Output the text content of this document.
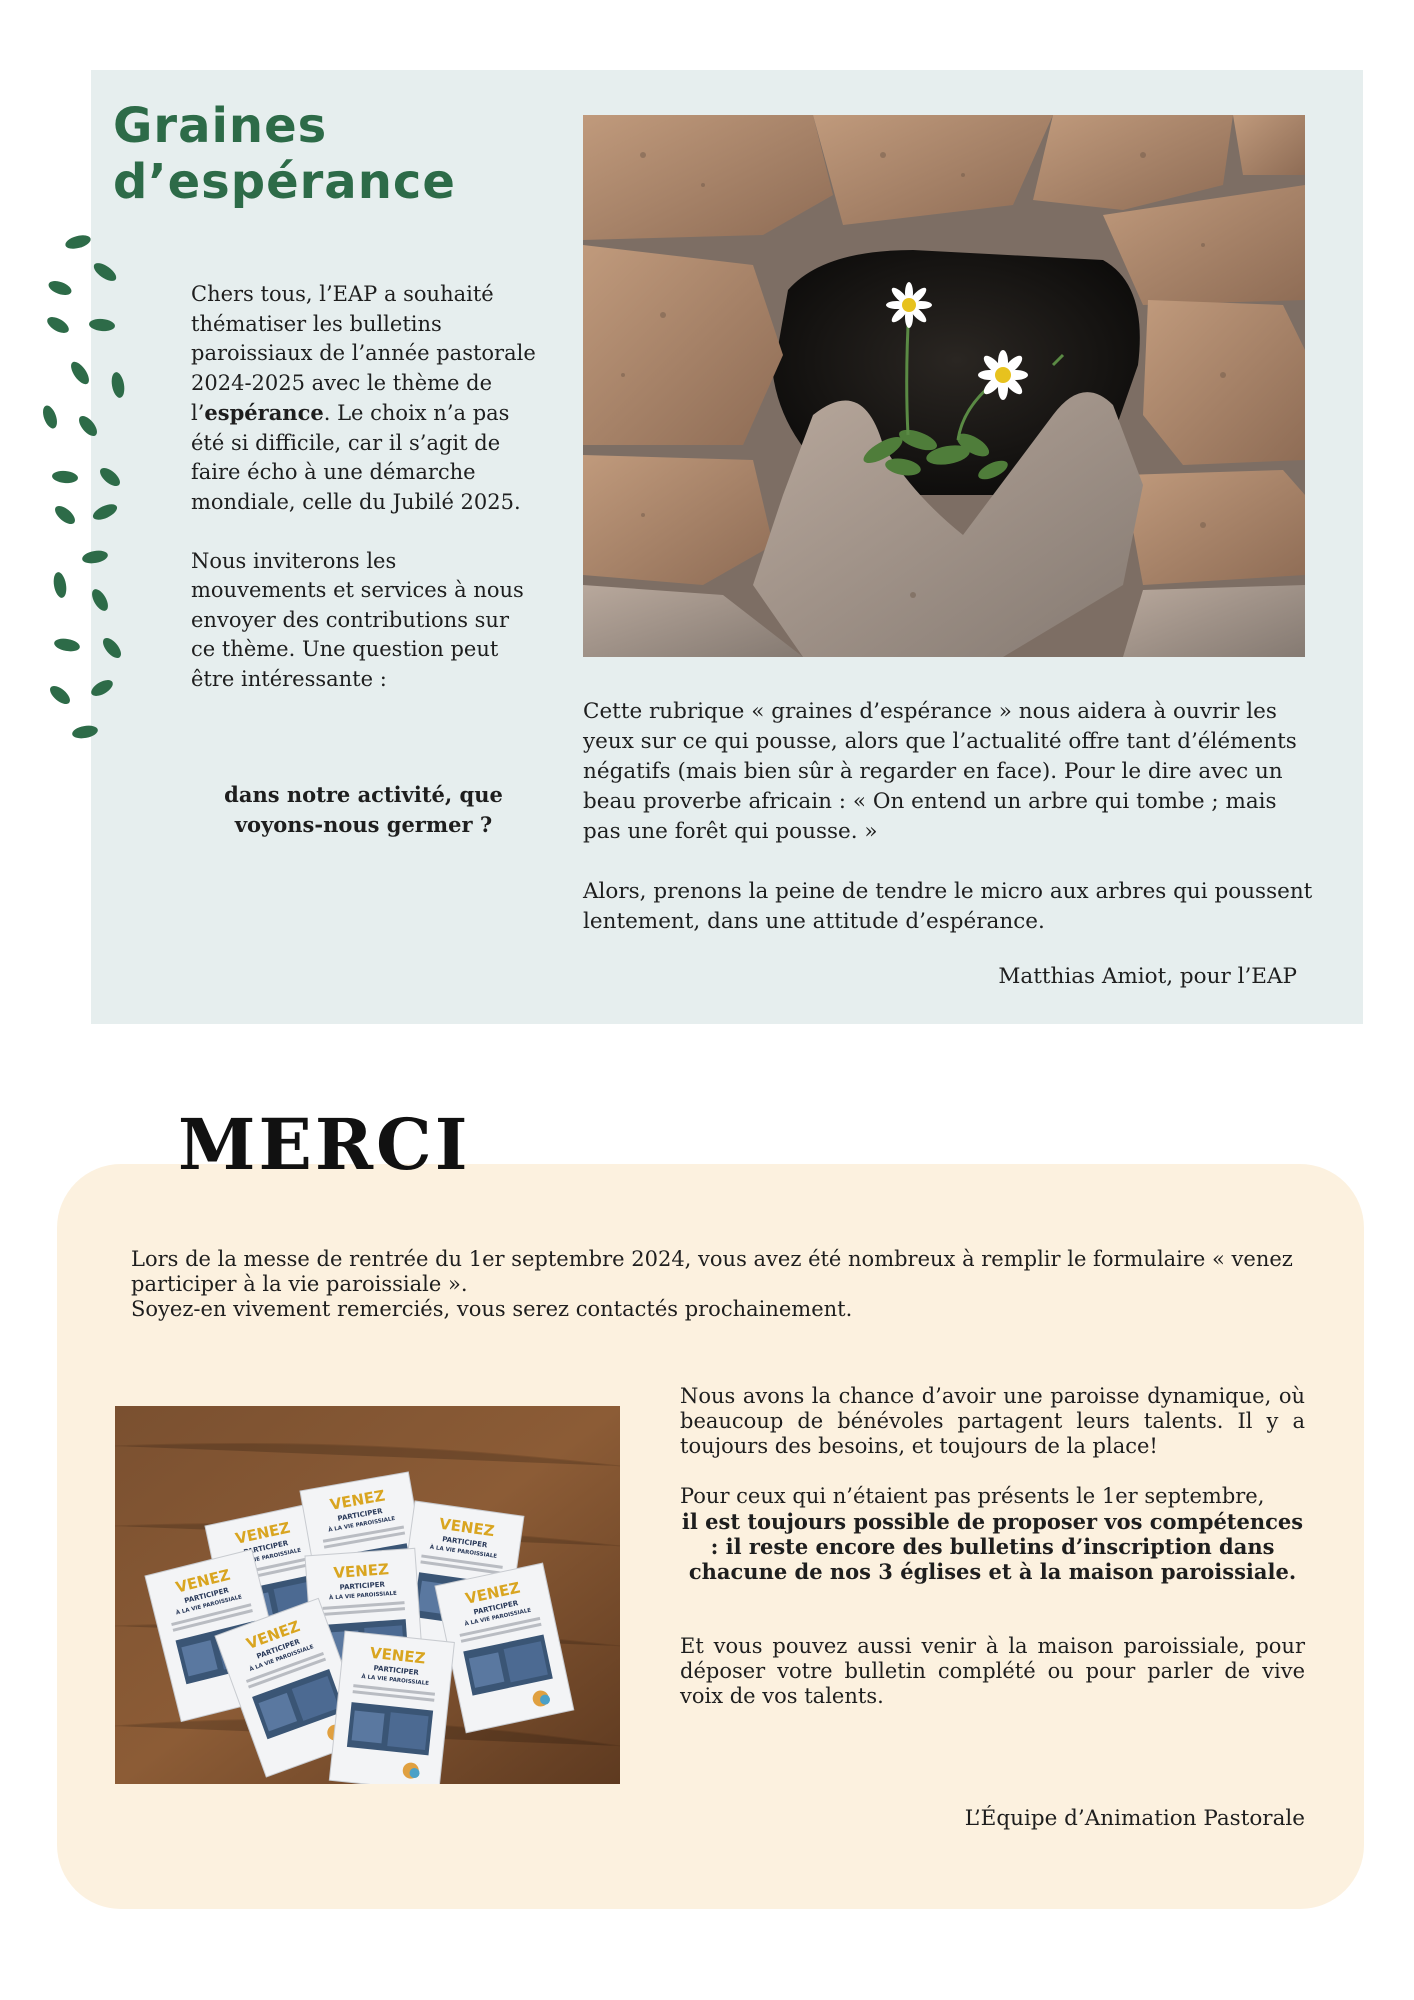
Graines
d’espérance

Chers tous, l’EAP a souhaité thématiser les bulletins paroissiaux de l’année pastorale 2024-2025 avec le thème de l’espérance. Le choix n’a pas été si difficile, car il s’agit de faire écho à une démarche mondiale, celle du Jubilé 2025.

Nous inviterons les mouvements et services à nous envoyer des contributions sur ce thème. Une question peut être intéressante :

dans notre activité, que voyons-nous germer ?

Cette rubrique « graines d’espérance » nous aidera à ouvrir les yeux sur ce qui pousse, alors que l’actualité offre tant d’éléments négatifs (mais bien sûr à regarder en face). Pour le dire avec un beau proverbe africain : « On entend un arbre qui tombe ; mais pas une forêt qui pousse. »

Alors, prenons la peine de tendre le micro aux arbres qui poussent lentement, dans une attitude d’espérance.

Matthias Amiot, pour l’EAP
MERCI

Lors de la messe de rentrée du 1er septembre 2024, vous avez été nombreux à remplir le formulaire « venez participer à la vie paroissiale ».

Soyez-en vivement remerciés, vous serez contactés prochainement.

Nous avons la chance d’avoir une paroisse dynamique, où beaucoup de bénévoles partagent leurs talents. Il y a toujours des besoins, et toujours de la place!

Pour ceux qui n’étaient pas présents le 1er septembre,

il est toujours possible de proposer vos compétences : il reste encore des bulletins d’inscription dans chacune de nos 3 églises et à la maison paroissiale.

Et vous pouvez aussi venir à la maison paroissiale, pour déposer votre bulletin complété ou pour parler de vive voix de vos talents.

L’Équipe d’Animation Pastorale
